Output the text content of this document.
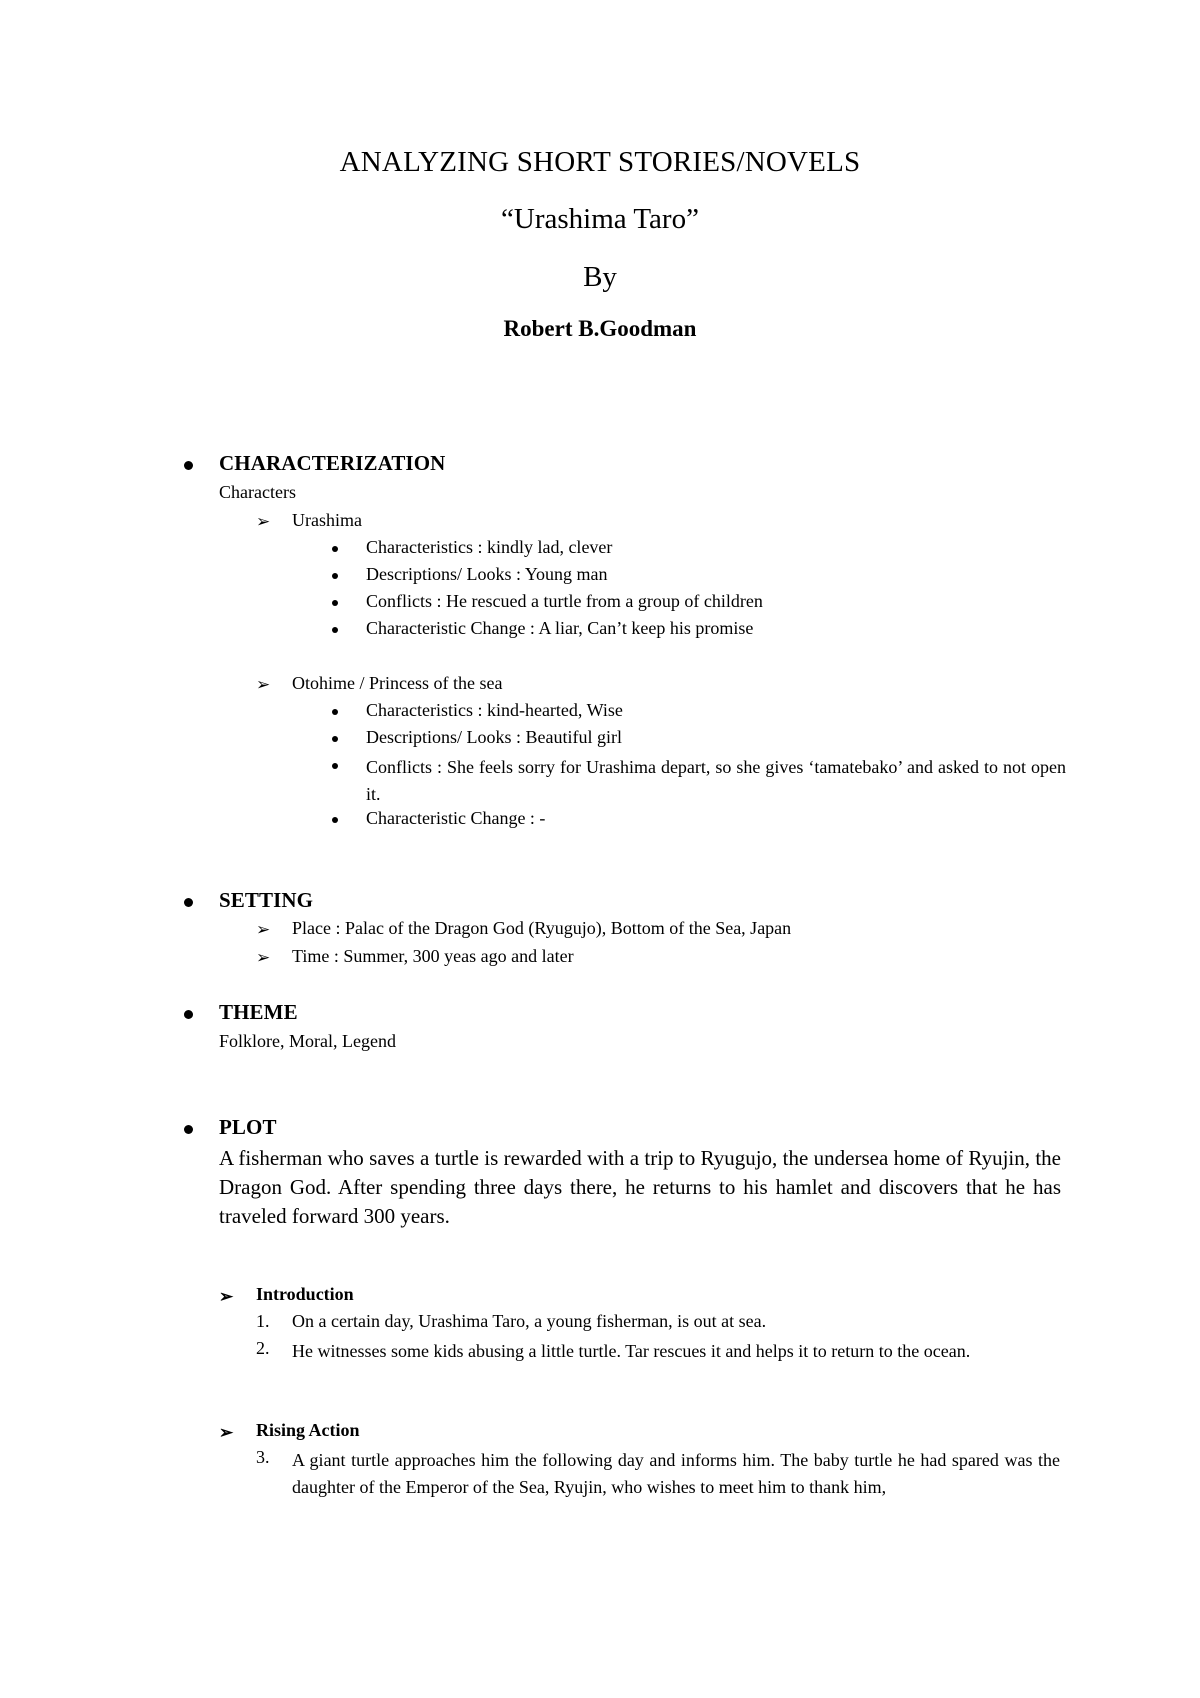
ANALYZING SHORT STORIES/NOVELS
“Urashima Taro”
By
Robert B.Goodman
CHARACTERIZATION
Characters
➢ Urashima
Characteristics : kindly lad, clever
Descriptions/ Looks : Young man
Conflicts : He rescued a turtle from a group of children
Characteristic Change : A liar, Can’t keep his promise
➢ Otohime / Princess of the sea
Characteristics : kind-hearted, Wise
Descriptions/ Looks : Beautiful girl
Conflicts : She feels sorry for Urashima depart, so she gives ‘tamatebako’ and asked to not open it.
Characteristic Change : -
SETTING
➢ Place : Palac of the Dragon God (Ryugujo), Bottom of the Sea, Japan
➢ Time : Summer, 300 yeas ago and later
THEME
Folklore, Moral, Legend
PLOT
A fisherman who saves a turtle is rewarded with a trip to Ryugujo, the undersea home of Ryujin, the Dragon God. After spending three days there, he returns to his hamlet and discovers that he has traveled forward 300 years.
➢ Introduction
1. On a certain day, Urashima Taro, a young fisherman, is out at sea.
2. He witnesses some kids abusing a little turtle. Tar rescues it and helps it to return to the ocean.
➢ Rising Action
3. A giant turtle approaches him the following day and informs him. The baby turtle he had spared was the daughter of the Emperor of the Sea, Ryujin, who wishes to meet him to thank him,
